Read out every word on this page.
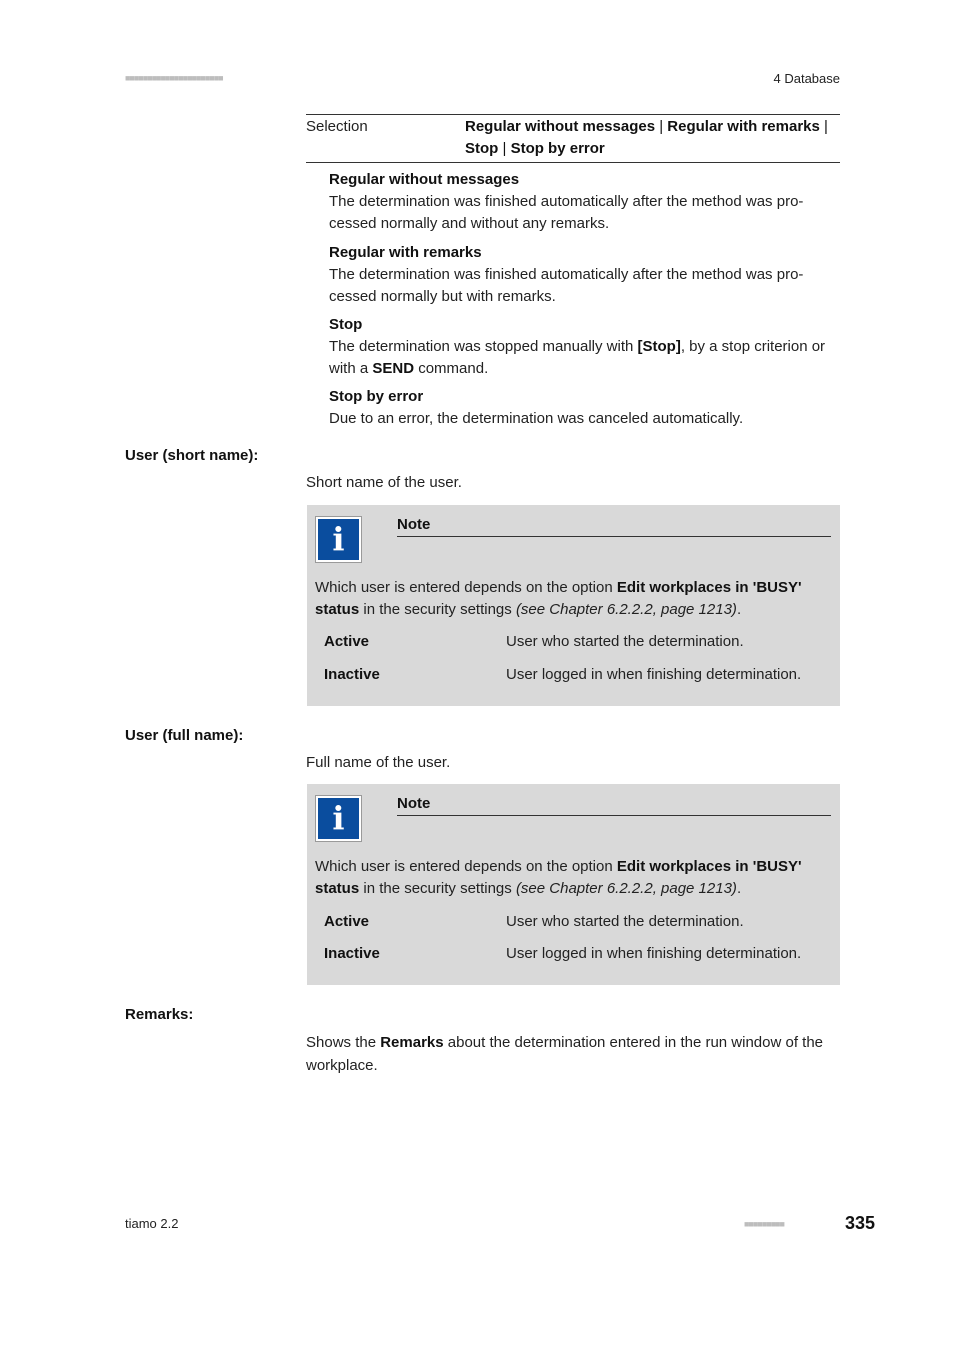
■■■■■■■■■■■■■■■■■■■■■■	4 Database
Selection	Regular without messages | Regular with remarks | Stop | Stop by error
Regular without messages
The determination was finished automatically after the method was pro-cessed normally and without any remarks.
Regular with remarks
The determination was finished automatically after the method was pro-cessed normally but with remarks.
Stop
The determination was stopped manually with [Stop], by a stop criterion or with a SEND command.
Stop by error
Due to an error, the determination was canceled automatically.
User (short name):
Short name of the user.
i	Note
Which user is entered depends on the option Edit workplaces in 'BUSY' status in the security settings (see Chapter 6.2.2.2, page 1213).
Active	User who started the determination.
Inactive	User logged in when finishing determination.
User (full name):
Full name of the user.
i	Note
Which user is entered depends on the option Edit workplaces in 'BUSY' status in the security settings (see Chapter 6.2.2.2, page 1213).
Active	User who started the determination.
Inactive	User logged in when finishing determination.
Remarks:
Shows the Remarks about the determination entered in the run window of the workplace.
tiamo 2.2	■■■■■■■■■	335
